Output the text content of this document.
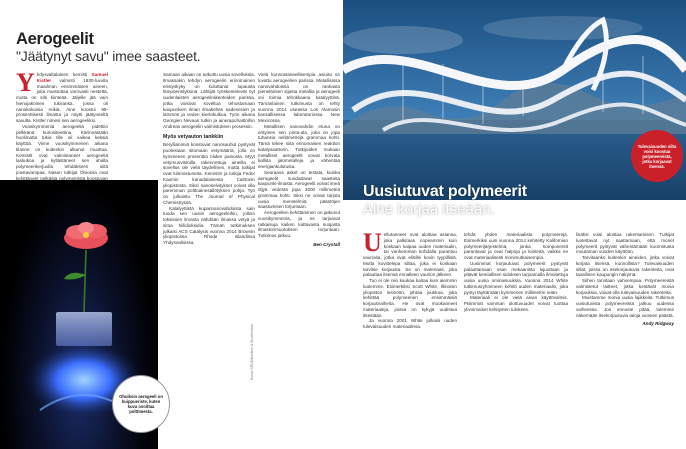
Aerogeelit
"Jäätynyt savu" imee saasteet.

Yhdysvaltalainen kemisti Samuel Kistler valmisti 1930-luvulla maailman ensimmäisen aineen, joka muistuttaa varovasti nestettä, mutta on silti kiinteää. Jäljelle jää vain hienojakoinen tukiranka, jossa oli nanokokoisia reikiä. Aine koostui 99-prosenttisesti ilmasta ja näytti jäätyneeltä savulta. Kistler nimesi sen aerogeeliksi.

Vuosikymmeniä aerogeeliä pidettiin pelkkänä kuriositeettina. Kärinnästään huolimatta tukia tille oli vaikea keksiä käyttöä. Viime vuosikymmenen aikana tilanne on kuitenkin alkanut muuttua. Kemistit ovat valmistaneet aerogeeliä laskukoa ja kyllästäneet sen uhalla polymeerikerjuulla tehdäkseen siitä joustavampaa. Nasan tutkijat Ohiossa ovat kehittäneet pelkästä polymeeristä koostuvan

Samaan aikaan on tutkuttu uusia sovelluksia. Ilmassakin tehdyn aerogeelin erinomainen eristyskyky on kuluttanut lupausta lämpöeristyksinä. Lähtijät työskentelevät nyt uudenlaisten aerogeelirakenteiden parissa, jotka voisivat soveltua tehostamaan kaupunkien ilman ilmakehän sadevesien ja lämmön ja veden kiertokulkua. Työn aikana Georgien Nevaan tutkin ja ainerapuhaittoihin Andreas aerogeelin valmistuksen prosessin.

Myös vetyauton tankkiin

Beryllianimiä koostuvat nanosauhut pystyvät puolestaan sitomaan vetymääriä, jolla on kymmenen prosenttia niiden painosta. Myyt vetymuovistoilla rakennettuja aineilla ei sovellus ole vielä täydellinen, mutta tutkijat ovat kiinnostuneita. Kemistin ja tutkija Fedor Kaumin kanadalaisesta Calrtonin yliopistosta. Siksi nanoselvitykset voivat olla paremman polttoainesäilötyksen pohja. Työ on julkaistu The Journal of Physical Chemistryssä.

Katalyyttistä kuparinanovahdoista sain tuoda sen uusiin aerogeeleihin, jolloin toksiinien ilmasta nähdään ilmassa vetyä ja sitoa hiilidioksidia. Tämän tutkimuksen julkaisi ACS Catalysis vuonna 2014 Brownin yliopistossa Rhode Islandissa Yhdysvalloissa.

Vielä kunnostaneellisempia asioita on luvattu aerogeelien parissa. Metallisissa nanovahdoissa on rankasta pieneläinten sijasta metallia ja aerogeeli voi toimia tehokkaana katalyyttinä. Tämänlainen tutkimusta on tehty vuonna 2014 useassa Los Alamosin kansallisessa laboratoriossa New Mexicossa.

Metallisen nanovahdin etuna on erityinen sen pinta-ala, joka on jopa tuhansia neliömetrejä grammaa kohti. Tämä tekee siitä erinomaisen reaktion katalysaattorin. Tutkijoiden mukaan metalliset aerogeelit voivat korvata kalliita jalometalleja ja vähentää energiankulutusta.

Seuraava askel on testata, kuinka aerogeelit suodattavat saasteita kaupunki-ilmasta. Aerogeelit voivat imeä öljyä vedestä jopa 3000 millimetriä grammaa kohti. Siksi ne voivat tarjota uusia menetelmiä päästöjen saastumisen torjuntaan.

Aerogeelien kehittäminen on jatkunut vuosikymmeniä, ja ne tarjoavat ratkaisuja kaiken kattavasta suojasta ilmastonmuutoksen torjuntaan. Tutkimus jatkuu.

Ben Crystall
Ohuiksin aerogeeli on huippueriste, kuten kuva osoittaa polttimesta.
Kuvat: SPL/Mikkelsen & Shutterstock
Tulevaisuuden silta voisi koostua polymeereistä, jotka korjaavat itsensä.
Uusiutuvat polymeerit
Aine korjaa itseään.

Uellutanneet ovat aloittaa asiansa, joka palkitaan nopeammin kuin koskaan kaipaa uuden materiaalin, tai vanhemman kohdalla parantuu vaurioita, jotka ovat eliöille kovin tyypillisiä. Mutta kuvittelepa siltaa, joka ei koskaan tarvitse korjausta. Se on materiaali, joka palauttaa itsensä ennalleen vaurion jälkeen.

Tuo ei ole niin kaukaa kaitaa kuin aiemmin luulemme. Esimerkiksi Scott White, Illinoisin yliopiston insinööri, johtaa joukkoa, joka kehittää polymeerien ensimmäisiä korjausvaiheita. He ovat muokanneet materiaaleja, joissa on kykyjä uudistua itsestään.

Ja vuonna 2001 White julkaisi uuden tulevaisuuden materiaalinsa.

tehdä yhden materiaalista polymeerejä. Esimerkiksi uusi vuonna 2014 kehitetty Kalifornian polymeerijärjestelmä, jonka komponentit parantavat ja ovat halpoja ja kiinteitä, vaikka ne ovat materiaalisesti monimutkaisempia.

Uusimmat korjautuvat polymeerit pystyvät palauttamaan osan mekaanista lujuuttaan ja pitävät kemiallisen sidoksen tarjoamalla ilmoitettuja uusia uusia ominaisuuksia. Vuonna 2014 White tutkimusryhmineen kehitti uuden materiaalin, joka pystyi täyttämään kymmenen millimetrin reiän.

Materiaali ei ole vielä aivan käyttövalmis. Pisimmät vamman ulottuvuudet voivat tuottaa ylivoimaiset kehitysten tuloksen.

lisäksi voisi aloittaa rakentamisen. Tutkijat luotettavat nyt saattamaan, että monet polymeerit pystyvät vähentämään kuormitusta muutaman vuoden käyttöön.

Tarvitaanko kuitenkin aineiden, jotka voivat korjata itsensä, kunnollista? Tulevaisuuden sillat, joissa on itsekorjautuvia rakenteita, ovat tavallinen kaupungin näkymä.

Siihen tarvitaan vahvempaa. Polymeereistä valmistetut laitteet, jotka kestävät monia korjauksia, voivat olla tulevaisuuden rakenteita.

Muistamme monia uusia lajikkeita. Tutkimus uusiutuvista polymeereistä jatkuu uudessa vaiheessa. Jos ennuste pitää, tulemme näkemään itsekorjautuvia taloja vuosien päästä.

Andy Ridgway
